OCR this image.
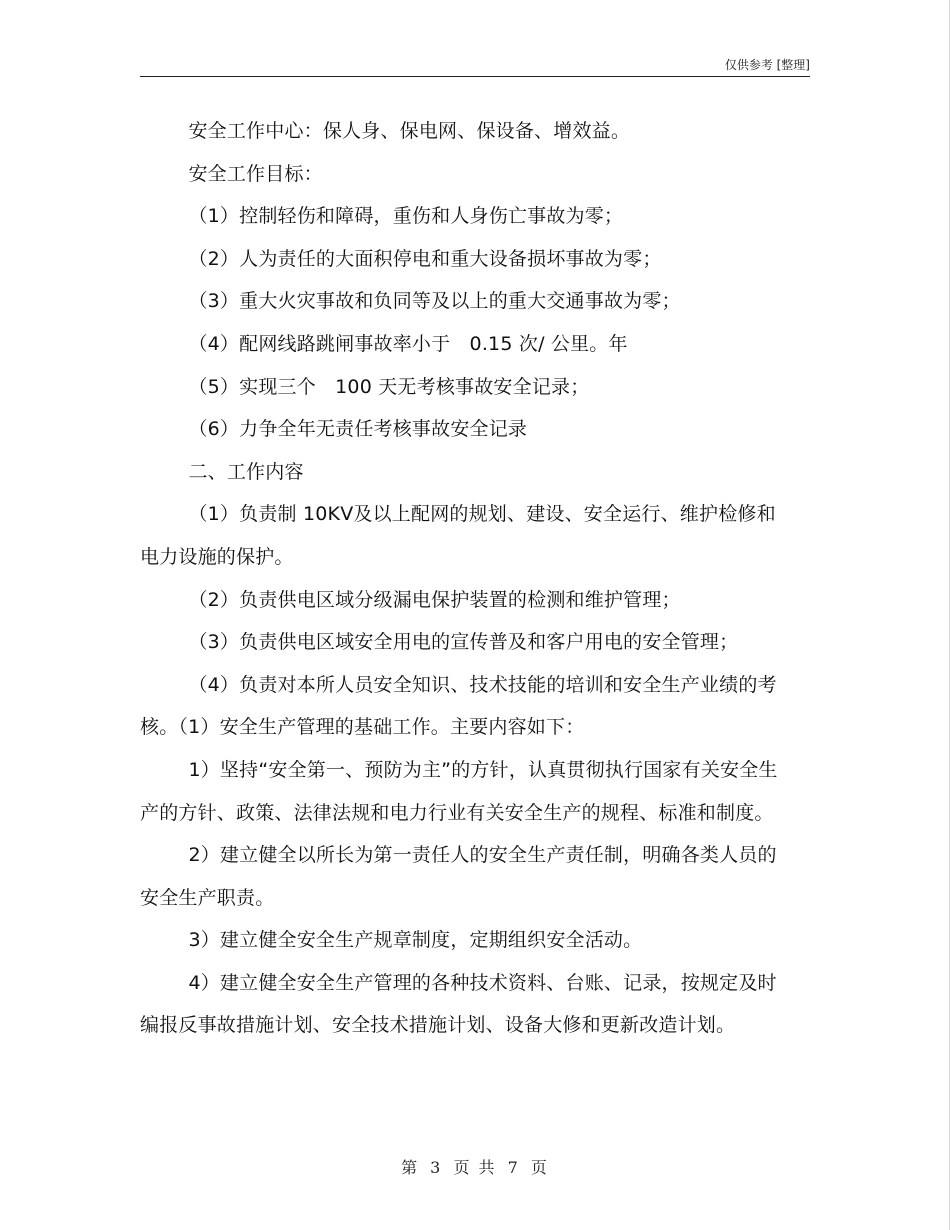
仅供参考 [整理]

安全工作中心：保人身、保电网、保设备、增效益。

安全工作目标：

（1）控制轻伤和障碍，重伤和人身伤亡事故为零；

（2）人为责任的大面积停电和重大设备损坏事故为零；

（3）重大火灾事故和负同等及以上的重大交通事故为零；

（4）配网线路跳闸事故率小于　0.15 次/ 公里。年

（5）实现三个　100 天无考核事故安全记录；

（6）力争全年无责任考核事故安全记录

二、工作内容

（1）负责制 10KV及以上配网的规划、建设、安全运行、维护检修和电力设施的保护。

（2）负责供电区域分级漏电保护装置的检测和维护管理；

（3）负责供电区域安全用电的宣传普及和客户用电的安全管理；

（4）负责对本所人员安全知识、技术技能的培训和安全生产业绩的考核。（1）安全生产管理的基础工作。主要内容如下：

1）坚持“安全第一、预防为主”的方针，认真贯彻执行国家有关安全生产的方针、政策、法律法规和电力行业有关安全生产的规程、标准和制度。

2）建立健全以所长为第一责任人的安全生产责任制，明确各类人员的安全生产职责。

3）建立健全安全生产规章制度，定期组织安全活动。

4）建立健全安全生产管理的各种技术资料、台账、记录，按规定及时编报反事故措施计划、安全技术措施计划、设备大修和更新改造计划。

第 3 页 共 7 页
